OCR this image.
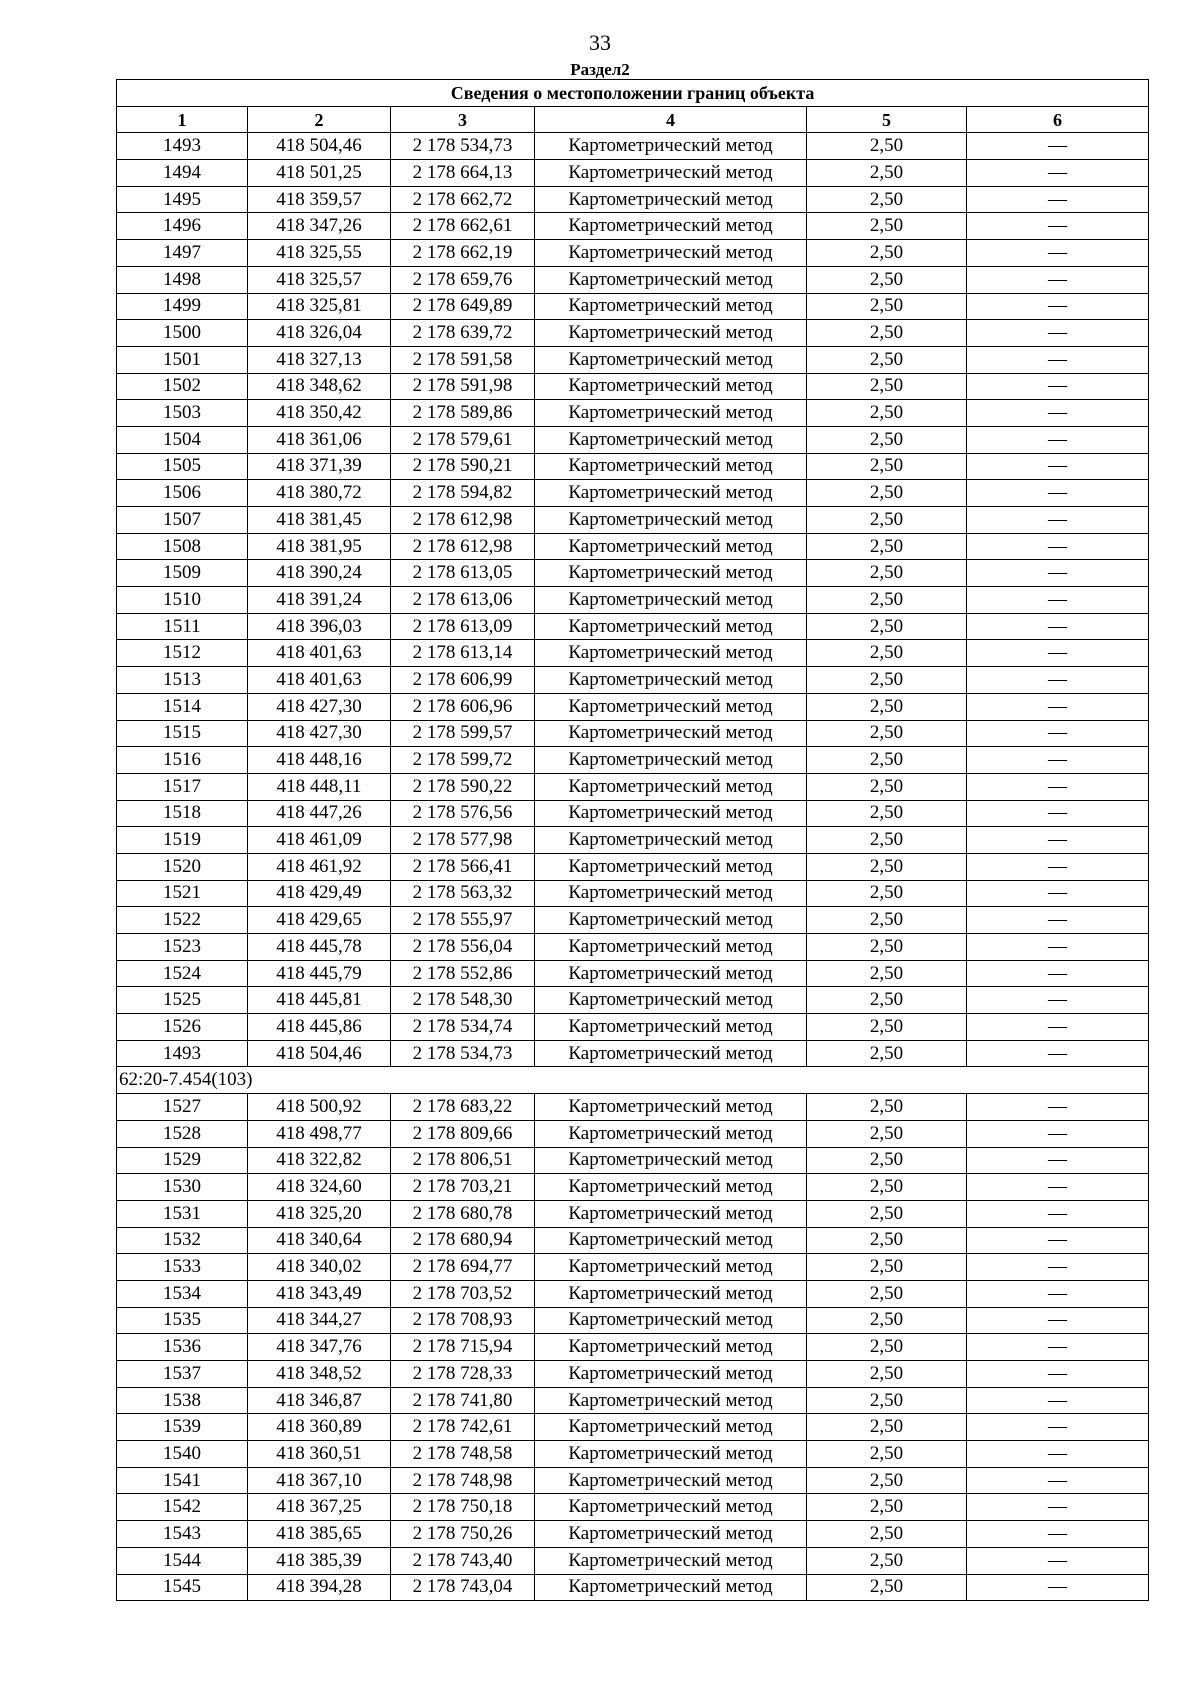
33
Раздел2
Сведения о местоположении границ объекта					
1	2	3	4	5	6
1493	418 504,46	2 178 534,73	Картометрический метод	2,50	—
1494	418 501,25	2 178 664,13	Картометрический метод	2,50	—
1495	418 359,57	2 178 662,72	Картометрический метод	2,50	—
1496	418 347,26	2 178 662,61	Картометрический метод	2,50	—
1497	418 325,55	2 178 662,19	Картометрический метод	2,50	—
1498	418 325,57	2 178 659,76	Картометрический метод	2,50	—
1499	418 325,81	2 178 649,89	Картометрический метод	2,50	—
1500	418 326,04	2 178 639,72	Картометрический метод	2,50	—
1501	418 327,13	2 178 591,58	Картометрический метод	2,50	—
1502	418 348,62	2 178 591,98	Картометрический метод	2,50	—
1503	418 350,42	2 178 589,86	Картометрический метод	2,50	—
1504	418 361,06	2 178 579,61	Картометрический метод	2,50	—
1505	418 371,39	2 178 590,21	Картометрический метод	2,50	—
1506	418 380,72	2 178 594,82	Картометрический метод	2,50	—
1507	418 381,45	2 178 612,98	Картометрический метод	2,50	—
1508	418 381,95	2 178 612,98	Картометрический метод	2,50	—
1509	418 390,24	2 178 613,05	Картометрический метод	2,50	—
1510	418 391,24	2 178 613,06	Картометрический метод	2,50	—
1511	418 396,03	2 178 613,09	Картометрический метод	2,50	—
1512	418 401,63	2 178 613,14	Картометрический метод	2,50	—
1513	418 401,63	2 178 606,99	Картометрический метод	2,50	—
1514	418 427,30	2 178 606,96	Картометрический метод	2,50	—
1515	418 427,30	2 178 599,57	Картометрический метод	2,50	—
1516	418 448,16	2 178 599,72	Картометрический метод	2,50	—
1517	418 448,11	2 178 590,22	Картометрический метод	2,50	—
1518	418 447,26	2 178 576,56	Картометрический метод	2,50	—
1519	418 461,09	2 178 577,98	Картометрический метод	2,50	—
1520	418 461,92	2 178 566,41	Картометрический метод	2,50	—
1521	418 429,49	2 178 563,32	Картометрический метод	2,50	—
1522	418 429,65	2 178 555,97	Картометрический метод	2,50	—
1523	418 445,78	2 178 556,04	Картометрический метод	2,50	—
1524	418 445,79	2 178 552,86	Картометрический метод	2,50	—
1525	418 445,81	2 178 548,30	Картометрический метод	2,50	—
1526	418 445,86	2 178 534,74	Картометрический метод	2,50	—
1493	418 504,46	2 178 534,73	Картометрический метод	2,50	—
62:20-7.454(103)					
1527	418 500,92	2 178 683,22	Картометрический метод	2,50	—
1528	418 498,77	2 178 809,66	Картометрический метод	2,50	—
1529	418 322,82	2 178 806,51	Картометрический метод	2,50	—
1530	418 324,60	2 178 703,21	Картометрический метод	2,50	—
1531	418 325,20	2 178 680,78	Картометрический метод	2,50	—
1532	418 340,64	2 178 680,94	Картометрический метод	2,50	—
1533	418 340,02	2 178 694,77	Картометрический метод	2,50	—
1534	418 343,49	2 178 703,52	Картометрический метод	2,50	—
1535	418 344,27	2 178 708,93	Картометрический метод	2,50	—
1536	418 347,76	2 178 715,94	Картометрический метод	2,50	—
1537	418 348,52	2 178 728,33	Картометрический метод	2,50	—
1538	418 346,87	2 178 741,80	Картометрический метод	2,50	—
1539	418 360,89	2 178 742,61	Картометрический метод	2,50	—
1540	418 360,51	2 178 748,58	Картометрический метод	2,50	—
1541	418 367,10	2 178 748,98	Картометрический метод	2,50	—
1542	418 367,25	2 178 750,18	Картометрический метод	2,50	—
1543	418 385,65	2 178 750,26	Картометрический метод	2,50	—
1544	418 385,39	2 178 743,40	Картометрический метод	2,50	—
1545	418 394,28	2 178 743,04	Картометрический метод	2,50	—
